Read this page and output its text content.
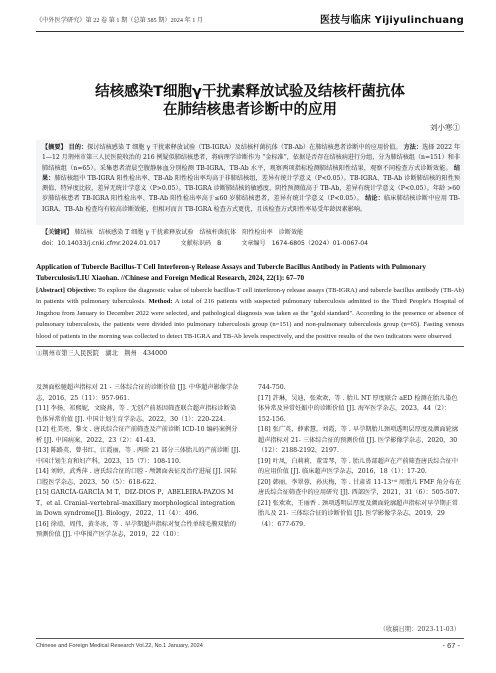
《中外医学研究》第 22 卷 第 1 期（总第 585 期）2024 年 1 月	医技与临床 Yijiyulinchuang
结核感染T细胞γ干扰素释放试验及结核杆菌抗体
在肺结核患者诊断中的应用
刘小寒①
【摘要】 目的：探讨结核感染 T 细胞 γ 干扰素释放试验（TB-IGRA）及结核杆菌抗体（TB-Ab）在肺结核患者诊断中的应用价值。 方法：选择 2022 年 1—12 月荆州市第三人民医院收治的 216 例疑似肺结核患者，将病理学诊断作为 “金标准”，依据是否存在结核病进行分组，分为肺结核组（n=151）和非肺结核组（n=65）。采集患者清晨空腹静脉血分别检测 TB-IGRA、TB-Ab 水平，观察两项指标检测肺结核阳性结果，观察不同检查方式诊断效能。 结果：肺结核组中 TB-IGRA 阳性检出率、TB-Ab 阳性检出率均高于非肺结核组，差异有统计学意义（P<0.05）。TB-IGRA、TB-Ab 诊断肺结核的阳性预测值、特异度比较，差异无统计学意义（P>0.05）。TB-IGRA 诊断肺结核的敏感度、阴性预测值高于 TB-Ab，差异有统计学意义（P<0.05）。年龄 >60 岁肺结核患者 TB-IGRA 阳性检出率、TB-Ab 阳性检出率高于≤60 岁肺结核患者，差异有统计学意义（P<0.05）。 结论：临床肺结核诊断中应用 TB-IGRA、TB-Ab 检查均有较高诊断效能，但相对而言 TB-IGRA 检查方式更优，且该检查方式阳性率易受年龄因素影响。
【关键词】 肺结核　结核感染 T 细胞 γ 干扰素释放试验　结核杆菌抗体　阳性检出率　诊断效能
doi：10.14033/j.cnki.cfmr.2024.01.017	文献标识码　B	文章编号　1674-6805（2024）01-0067-04
Application of Tubercle Bacillus-T Cell Interferon-γ Release Assays and Tubercle Bacillus Antibody in Patients with Pulmonary Tuberculosis/LIU Xiaohan. //Chinese and Foreign Medical Research, 2024, 22(1): 67–70
[Abstract] Objective: To explore the diagnostic value of tubercle bacillus-T cell interferon-γ release assays (TB-IGRA) and tubercle bacillus antibody (TB-Ab) in patients with pulmonary tuberculosis. Method: A total of 216 patients with suspected pulmonary tuberculosis admitted to the Third People's Hospital of Jingzhou from January to December 2022 were selected, and pathological diagnosis was taken as the "gold standard". According to the presence or absence of pulmonary tuberculosis, the patients were divided into pulmonary tuberculosis group (n=151) and non-pulmonary tuberculosis group (n=65). Fasting venous blood of patients in the morning was collected to detect TB-IGRA and TB-Ab levels respectively, and the positive results of the two indicators were observed
①荆州市第三人民医院　湖北　荆州　434000

及颈面松驰超声指标对 21 - 三体综合征的诊断价值 [J]. 中华超声影像学杂志，2016，25（11）：957-961.

[11] 李扬，祁熙妮，文晓燕，等 . 无创产前基因筛查联合超声指标诊断染色体异常价值 [J]. 中国计划生育学杂志，2022，30（1）：220-224.

[12] 杜美亮，黎文 . 唐氏综合征产前筛查及产前诊断 ICD-10 编码案例分析 [J]. 中国病案，2022，23（2）：41-43.

[13] 陈路英，曾书红，江霞丽，等 . 两阶 21 部分三体胎儿的产前诊断 [J]. 中国计划生育和妇产科，2023，15（7）：108-110.

[14] 刘婷，武秀萍 . 唐氏综合征的口腔 - 颅颌面表征及治疗进展 [J]. 国际口腔医学杂志，2023，50（5）：618-622.

[15] GARCÍA-GARCÍA M T，DIZ-DIOS P，ABELEIRA-PAZOS M T，et al. Cranial–vertebral–maxillary morphological integration in Down syndrome[J]. Biology，2022，11（4）：496.

[16] 徐靖，周伟，黄冬冰，等 . 早孕期超声指标对复合性单绒毛膜双胎的预测价值 [J]. 中华围产医学杂志，2019，22（10）：

744-750.

[17] 許琳，吴迪，张欢欢，等 . 胎儿 NT 厚度联合 aED 检测在胎儿染色体异常及异常妊娠中的诊断价值 [J]. 海军医学杂志，2023，44（2）：152-156.

[18] 张广英，薛素慧，刘霞，等 . 早孕期胎儿颈项透明层厚度及颜面轮廓超声指标对 21- 三体综合征的预测价值 [J]. 医学影像学杂志，2020，30（12）：2188-2192，2197.

[19] 叶凤，白莉莉，董雪琴，等 . 胎儿鼻部超声在产前筛查唐氏综合征中的应用价值 [J]. 临床超声医学杂志，2016，18（1）：17-20.

[20] 韩丽，李翠蓉，孙庆梅，等 . 甘肃省 11-13⁺⁶ 周胎儿 FMF 角分布在唐氏综合征筛查中的应用研究 [J]. 西部医学，2021，31（6）：505-507.

[21] 张欢欢，王丽香 . 颈项透明层厚度及颜面轮廓超声指标对早孕期正常胎儿及 21- 三体综合征的诊断价值 [J]. 医学影像学杂志，2019，29（4）：677-679.

（收稿日期：2023-11-03）
Chinese and Foreign Medical Research Vol.22, No.1 January, 2024	- 67 -
